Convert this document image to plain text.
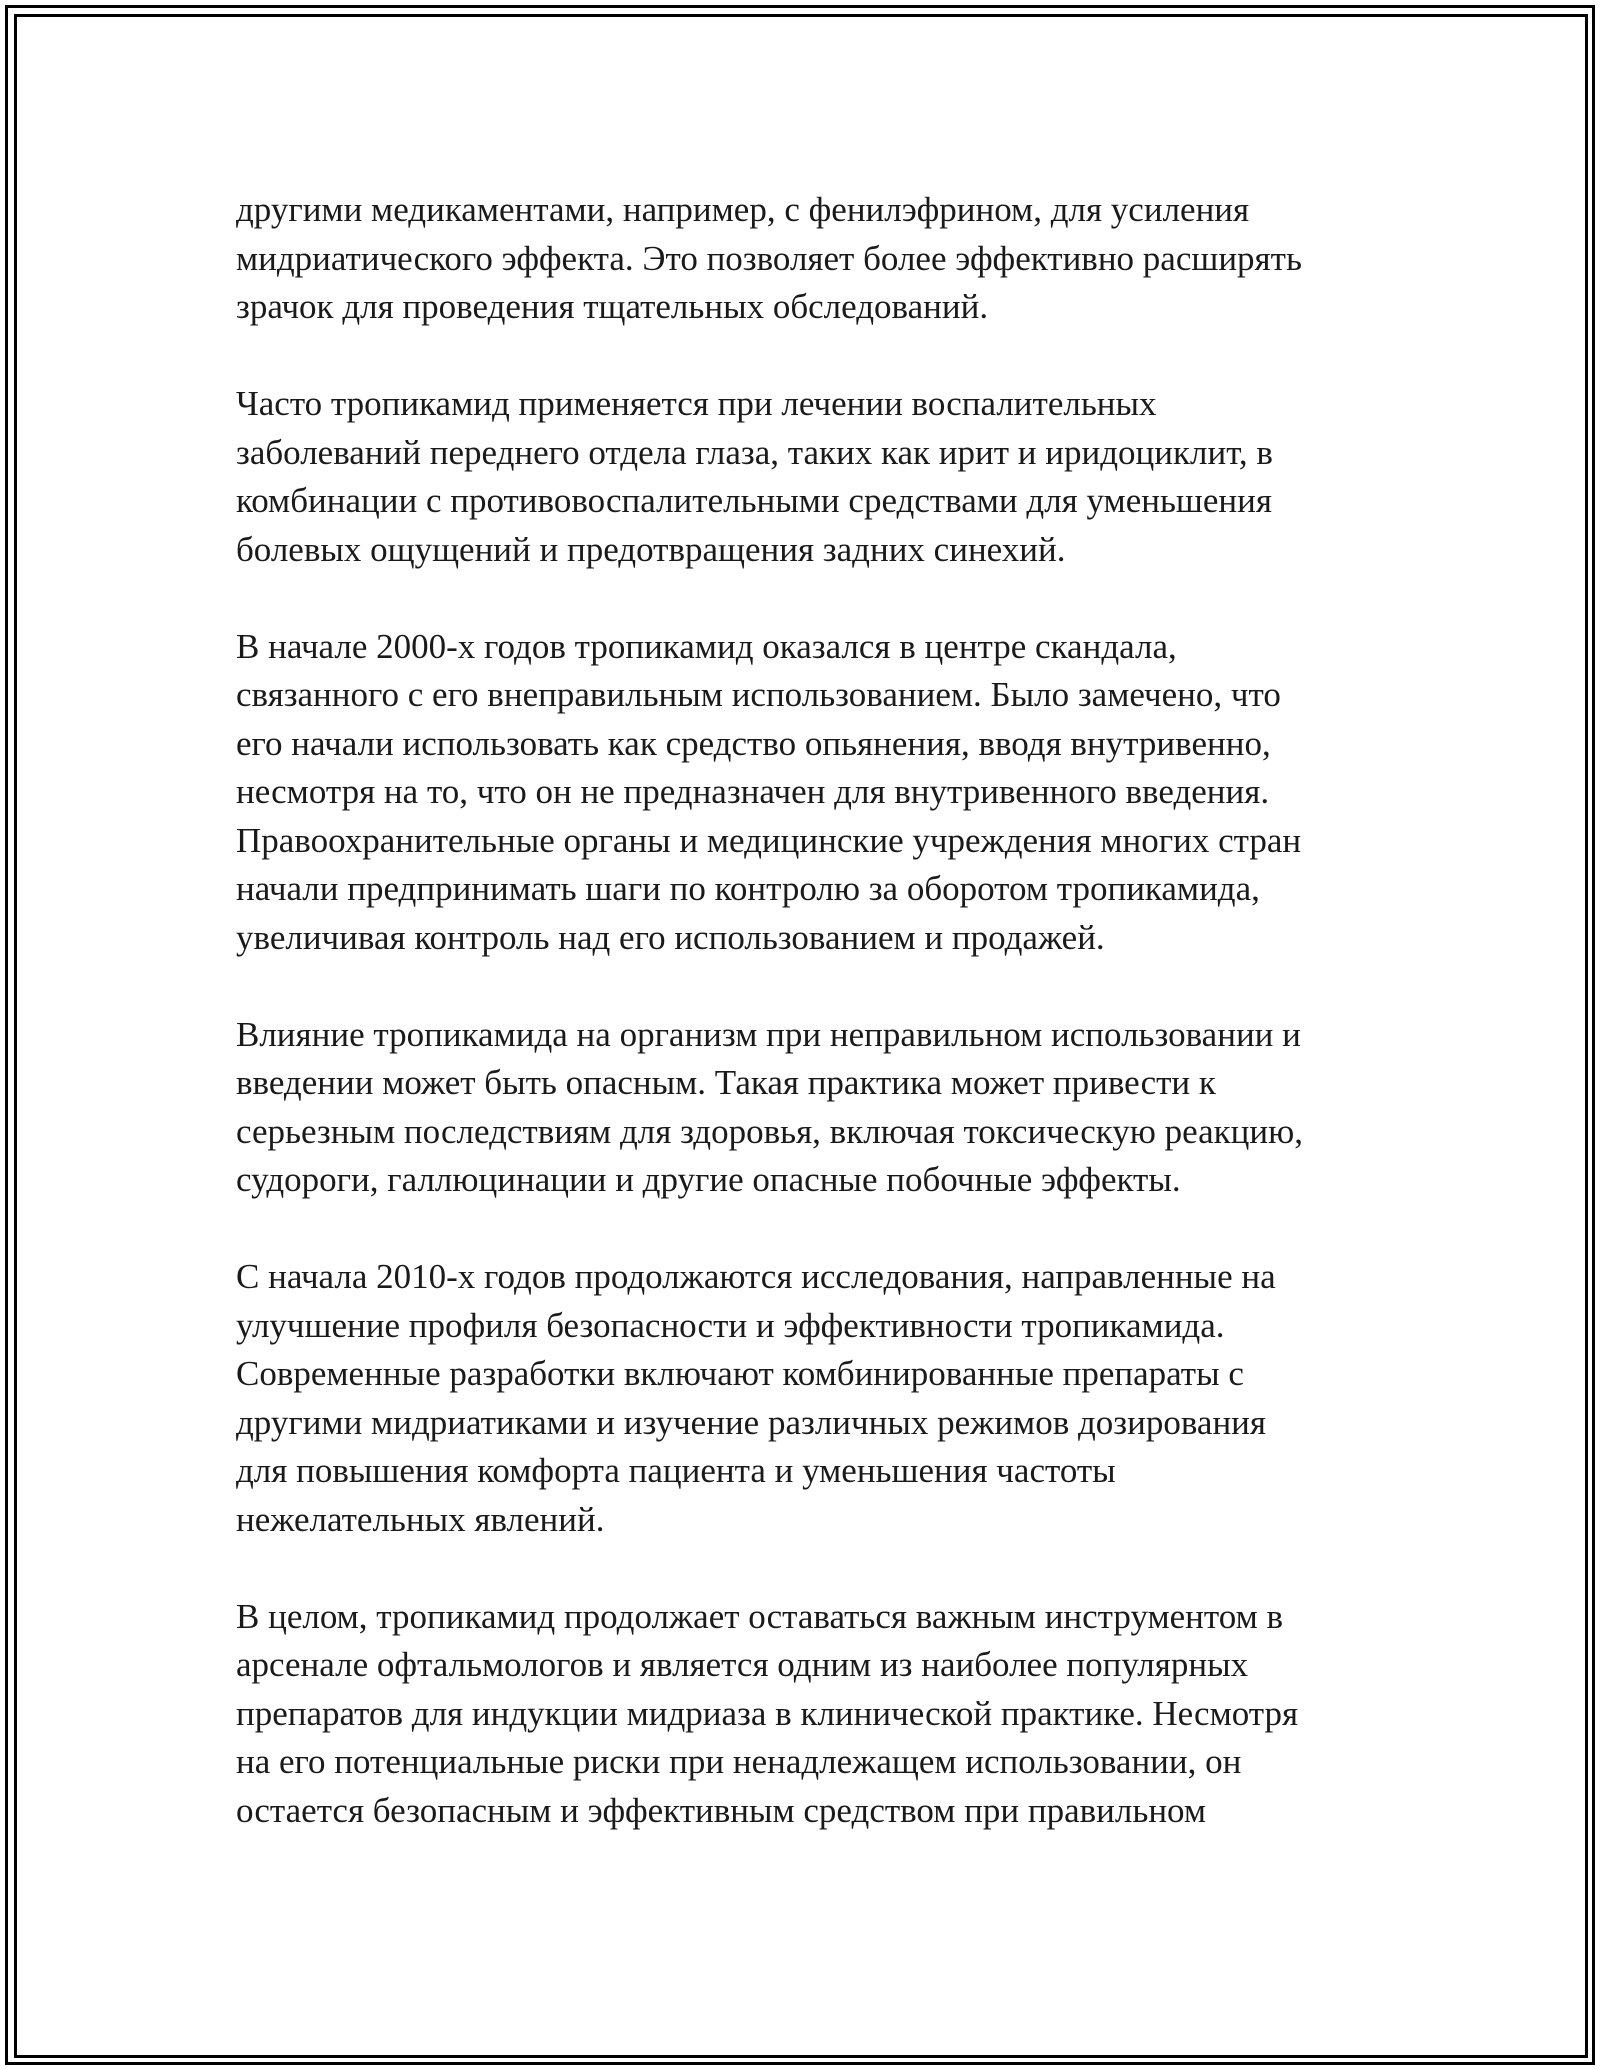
другими медикаментами, например, с фенилэфрином, для усиления
мидриатического эффекта. Это позволяет более эффективно расширять
зрачок для проведения тщательных обследований.
Часто тропикамид применяется при лечении воспалительных
заболеваний переднего отдела глаза, таких как ирит и иридоциклит, в
комбинации с противовоспалительными средствами для уменьшения
болевых ощущений и предотвращения задних синехий.
В начале 2000-х годов тропикамид оказался в центре скандала,
связанного с его внеправильным использованием. Было замечено, что
его начали использовать как средство опьянения, вводя внутривенно,
несмотря на то, что он не предназначен для внутривенного введения.
Правоохранительные органы и медицинские учреждения многих стран
начали предпринимать шаги по контролю за оборотом тропикамида,
увеличивая контроль над его использованием и продажей.
Влияние тропикамида на организм при неправильном использовании и
введении может быть опасным. Такая практика может привести к
серьезным последствиям для здоровья, включая токсическую реакцию,
судороги, галлюцинации и другие опасные побочные эффекты.
С начала 2010-х годов продолжаются исследования, направленные на
улучшение профиля безопасности и эффективности тропикамида.
Современные разработки включают комбинированные препараты с
другими мидриатиками и изучение различных режимов дозирования
для повышения комфорта пациента и уменьшения частоты
нежелательных явлений.
В целом, тропикамид продолжает оставаться важным инструментом в
арсенале офтальмологов и является одним из наиболее популярных
препаратов для индукции мидриаза в клинической практике. Несмотря
на его потенциальные риски при ненадлежащем использовании, он
остается безопасным и эффективным средством при правильном
